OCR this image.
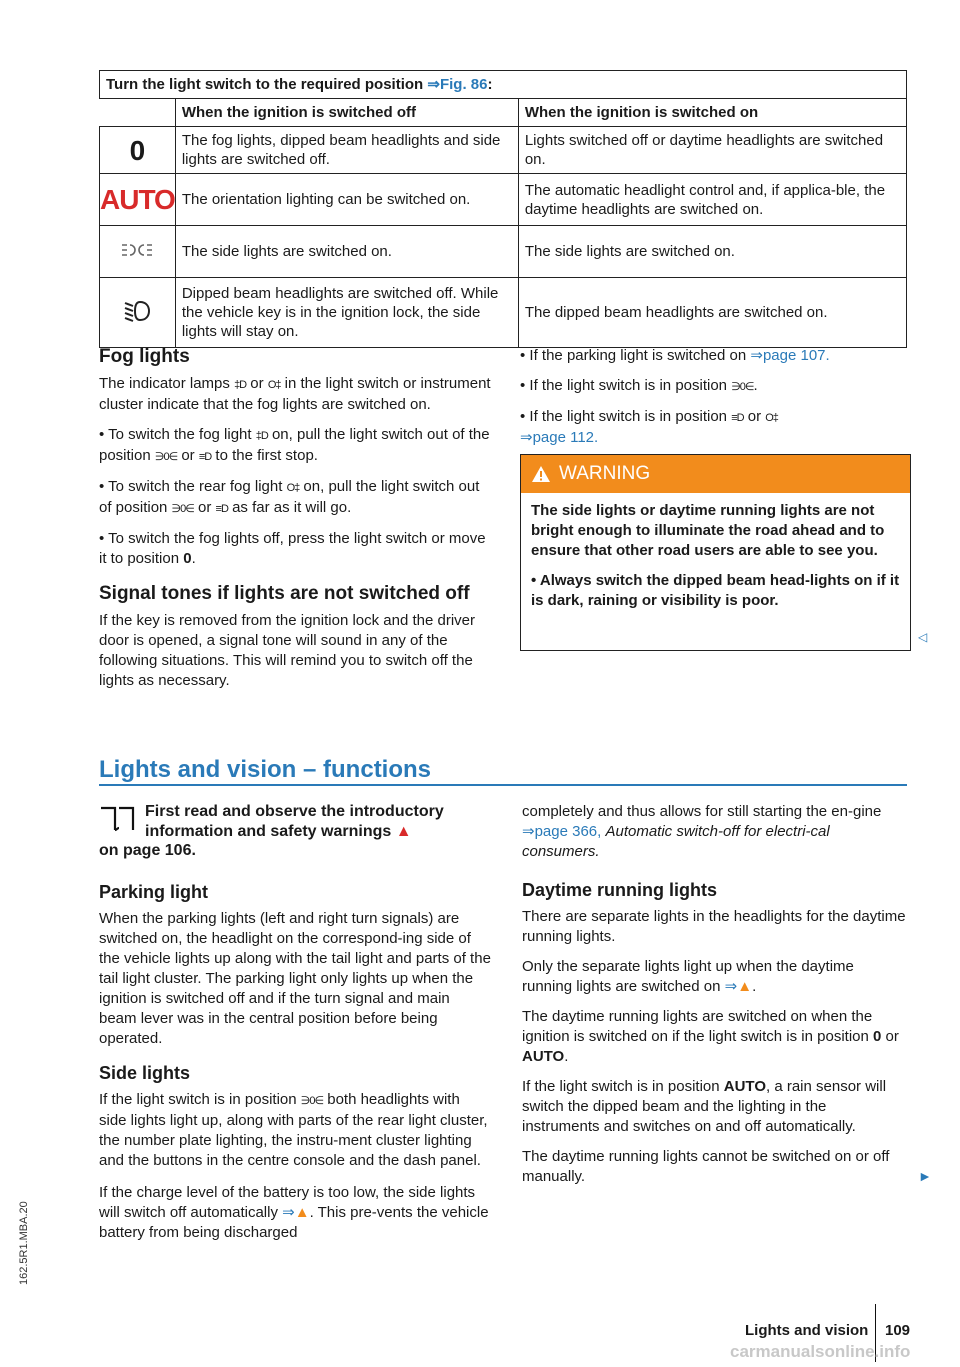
Turn the light switch to the required position ⇒Fig. 86:		
	When the ignition is switched off	When the ignition is switched on
0	The fog lights, dipped beam headlights and side lights are switched off.	Lights switched off or daytime headlights are switched on.
AUTO	The orientation lighting can be switched on.	The automatic headlight control and, if applica-ble, the daytime headlights are switched on.
	The side lights are switched on.	The side lights are switched on.
	Dipped beam headlights are switched off. While the vehicle key is in the ignition lock, the side lights will stay on.	The dipped beam headlights are switched on.
Fog lights

The indicator lamps ‡D or O‡ in the light switch or instrument cluster indicate that the fog lights are switched on.

• To switch the fog light ‡D on, pull the light switch out of the position ∋0∈ or ≡D to the first stop.

• To switch the rear fog light O‡ on, pull the light switch out of position ∋0∈ or ≡D as far as it will go.

• To switch the fog lights off, press the light switch or move it to position 0.

Signal tones if lights are not switched off

If the key is removed from the ignition lock and the driver door is opened, a signal tone will sound in any of the following situations. This will remind you to switch off the lights as necessary.

• If the parking light is switched on ⇒page 107.

• If the light switch is in position ∋0∈.

• If the light switch is in position ≡D or O‡
⇒page 112.

WARNING

The side lights or daytime running lights are not bright enough to illuminate the road ahead and to ensure that other road users are able to see you.

• Always switch the dipped beam head-lights on if it is dark, raining or visibility is poor.

◁
Lights and vision – functions

First read and observe the introductory information and safety warnings ▲

on page 106.

Parking light

When the parking lights (left and right turn signals) are switched on, the headlight on the correspond-ing side of the vehicle lights up along with the tail light and parts of the tail light cluster. The parking light only lights up when the ignition is switched off and if the turn signal and main beam lever was in the central position before being operated.

Side lights

If the light switch is in position ∋0∈ both headlights with side lights light up, along with parts of the rear light cluster, the number plate lighting, the instru-ment cluster lighting and the buttons in the centre console and the dash panel.

If the charge level of the battery is too low, the side lights will switch off automatically ⇒▲. This pre-vents the vehicle battery from being discharged

completely and thus allows for still starting the en-gine ⇒page 366, Automatic switch-off for electri-cal consumers.

Daytime running lights

There are separate lights in the headlights for the daytime running lights.

Only the separate lights light up when the daytime running lights are switched on ⇒▲.

The daytime running lights are switched on when the ignition is switched on if the light switch is in position 0 or AUTO.

If the light switch is in position AUTO, a rain sensor will switch the dipped beam and the lighting in the instruments and switches on and off automatically.

The daytime running lights cannot be switched on or off manually.	►
Lights and vision 109
162.5R1.MBA.20
carmanualsonline.info
